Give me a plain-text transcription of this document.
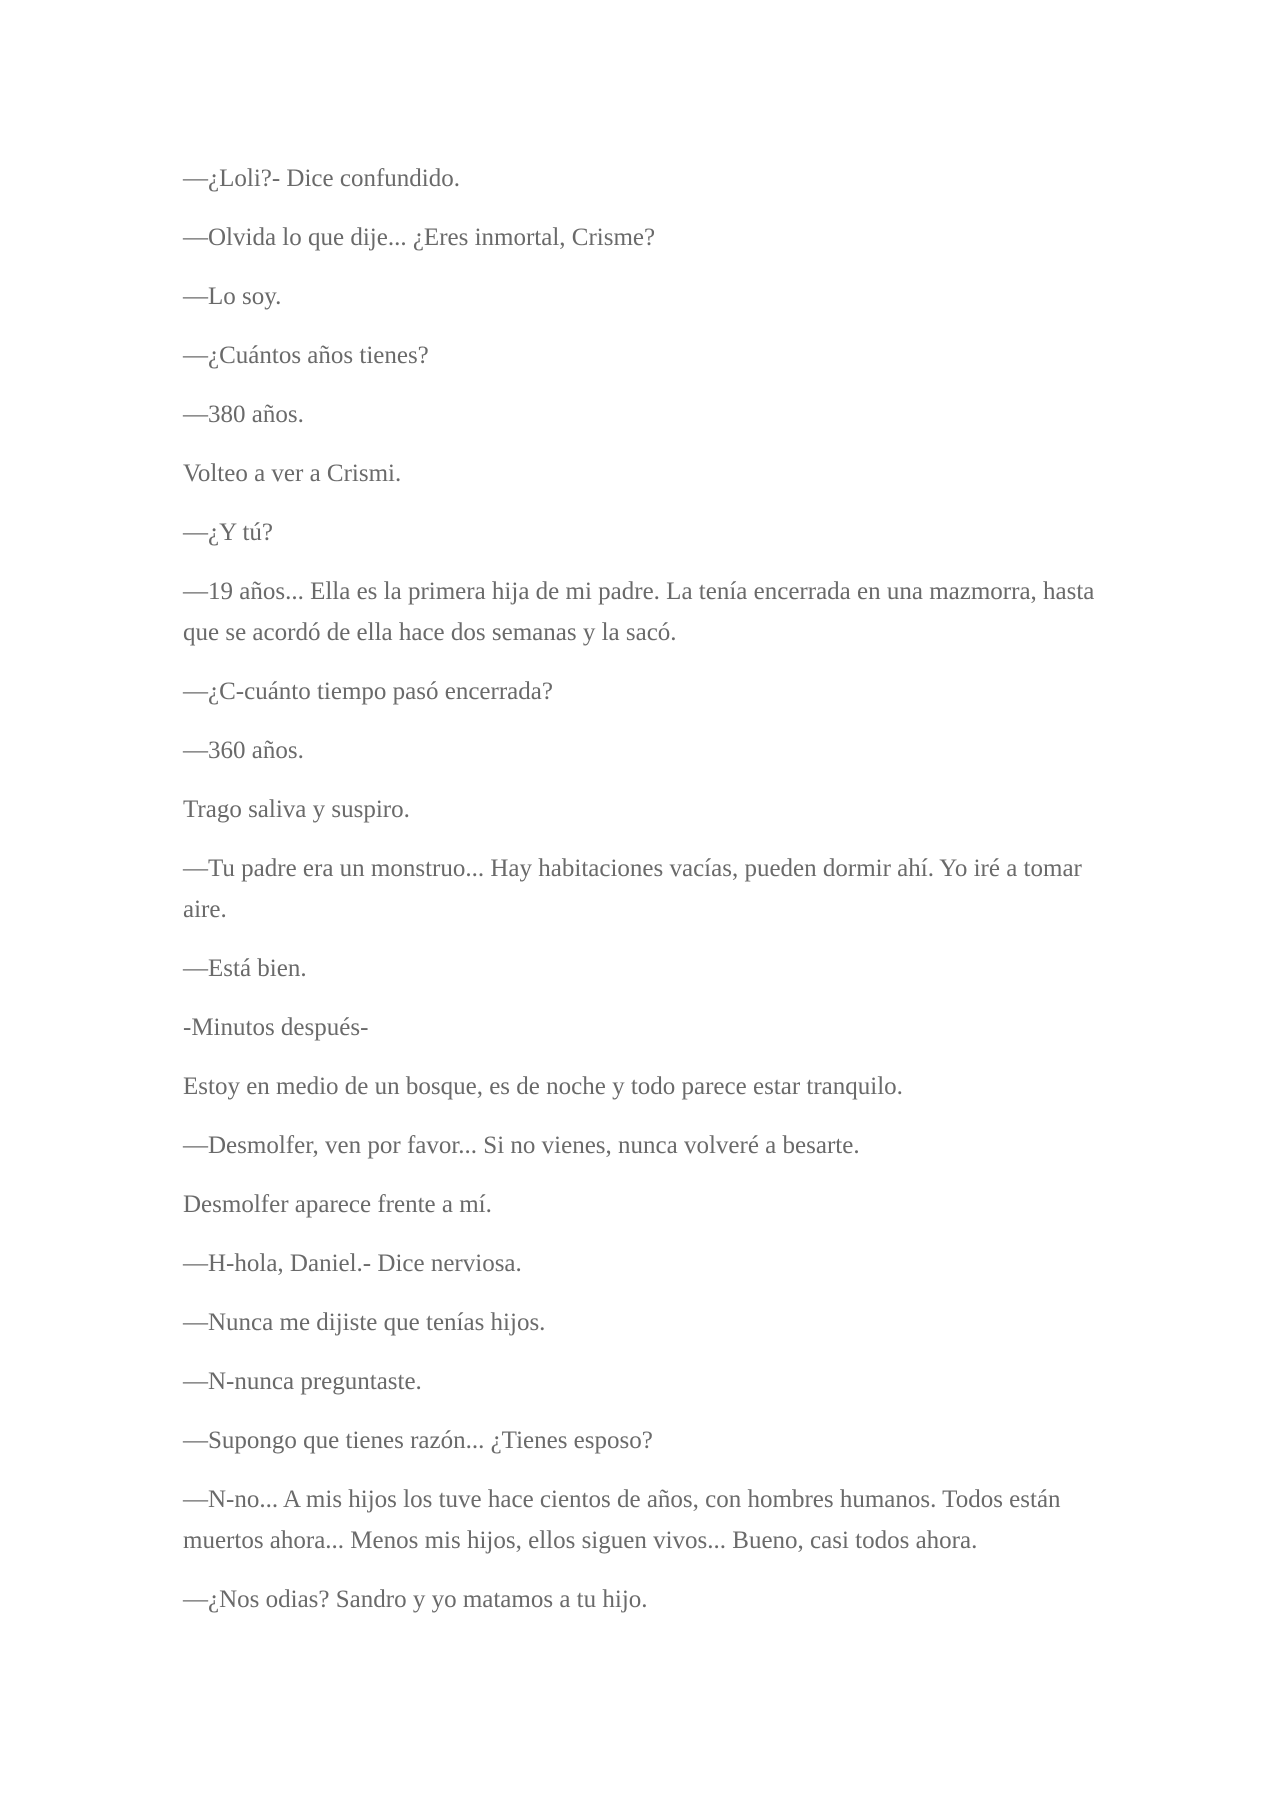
—¿Loli?- Dice confundido.

—Olvida lo que dije... ¿Eres inmortal, Crisme?

—Lo soy.

—¿Cuántos años tienes?

—380 años.

Volteo a ver a Crismi.

—¿Y tú?

—19 años... Ella es la primera hija de mi padre. La tenía encerrada en una mazmorra, hasta que se acordó de ella hace dos semanas y la sacó.

—¿C-cuánto tiempo pasó encerrada?

—360 años.

Trago saliva y suspiro.

—Tu padre era un monstruo... Hay habitaciones vacías, pueden dormir ahí. Yo iré a tomar aire.

—Está bien.

-Minutos después-

Estoy en medio de un bosque, es de noche y todo parece estar tranquilo.

—Desmolfer, ven por favor... Si no vienes, nunca volveré a besarte.

Desmolfer aparece frente a mí.

—H-hola, Daniel.- Dice nerviosa.

—Nunca me dijiste que tenías hijos.

—N-nunca preguntaste.

—Supongo que tienes razón... ¿Tienes esposo?

—N-no... A mis hijos los tuve hace cientos de años, con hombres humanos. Todos están muertos ahora... Menos mis hijos, ellos siguen vivos... Bueno, casi todos ahora.

—¿Nos odias? Sandro y yo matamos a tu hijo.
